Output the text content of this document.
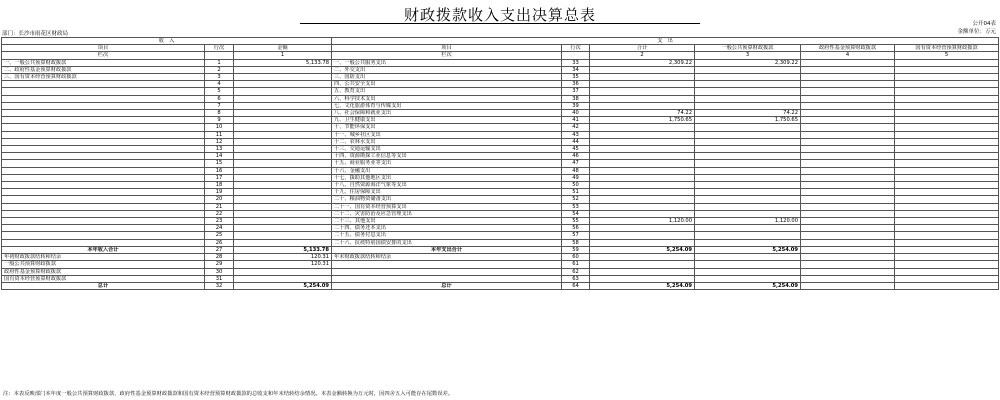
财政拨款收入支出决算总表	公开04表
金额单位：万元
部门：长沙市雨花区财政局
收　入			支　出					
项目	行次	金额	项目	行次	合计	一般公共预算财政拨款	政府性基金预算财政拨款	国有资本经营预算财政拨款
栏次		1	栏次		2	3	4	5
一、一般公共预算财政拨款	1	5,133.78	一、一般公共服务支出	33	2,309.22	2,309.22		
二、政府性基金预算财政拨款	2		二、外交支出	34				
三、国有资本经营预算财政拨款	3		三、国防支出	35				
	4		四、公共安全支出	36				
	5		五、教育支出	37				
	6		六、科学技术支出	38				
	7		七、文化旅游体育与传媒支出	39				
	8		八、社会保障和就业支出	40	74.22	74.22		
	9		九、卫生健康支出	41	1,750.65	1,750.65		
	10		十、节能环保支出	42				
	11		十一、城乡社区支出	43				
	12		十二、农林水支出	44				
	13		十三、交通运输支出	45				
	14		十四、资源勘探工业信息等支出	46				
	15		十五、商业服务业等支出	47				
	16		十六、金融支出	48				
	17		十七、援助其他地区支出	49				
	18		十八、自然资源海洋气象等支出	50				
	19		十九、住房保障支出	51				
	20		二十、粮油物资储备支出	52				
	21		二十一、国有资本经营预算支出	53				
	22		二十二、灾害防治及应急管理支出	54				
	23		二十三、其他支出	55	1,120.00	1,120.00		
	24		二十四、债务还本支出	56				
	25		二十五、债务付息支出	57				
	26		二十六、抗疫特别国债安排的支出	58				
本年收入合计	27	5,133.78	本年支出合计	59	5,254.09	5,254.09		
年初财政拨款结转和结余	28	120.31	年末财政拨款结转和结余	60				
一般公共预算财政拨款	29	120.31		61				
政府性基金预算财政拨款	30			62				
国有资本经营预算财政拨款	31			63				
总计	32	5,254.09	总计	64	5,254.09	5,254.09		
注：本表反映部门本年度一般公共预算财政拨款、政府性基金预算财政拨款和国有资本经营预算财政拨款的总收支和年末结转结余情况。本表金额转换为万元时，因四舍五入可能存在尾数误差。
